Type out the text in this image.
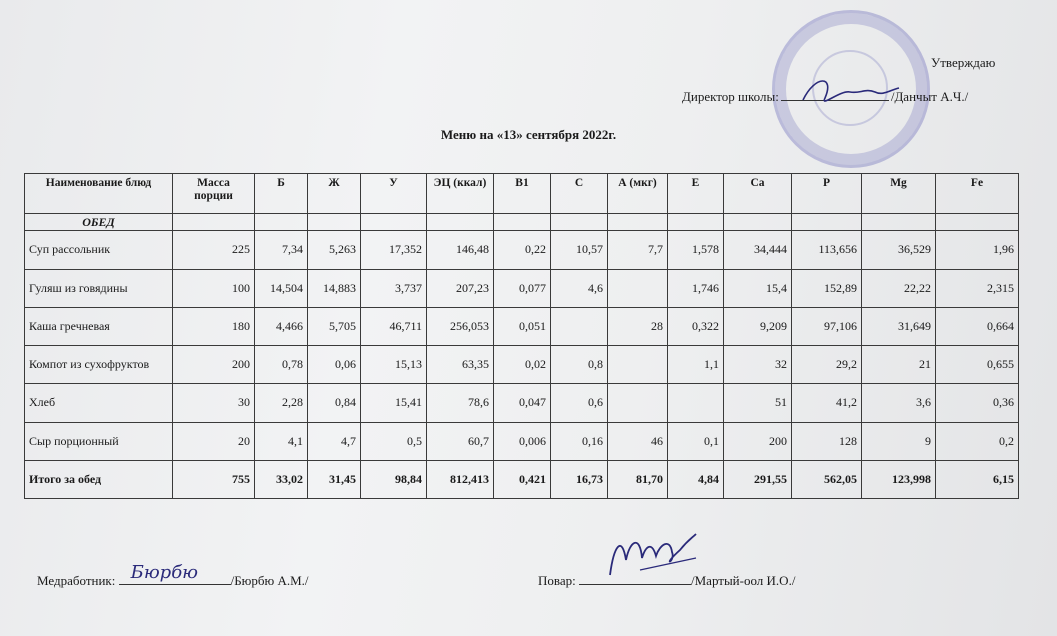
Утверждаю
Директор школы:	/Данчыт А.Ч./
Меню на «13» сентября 2022г.
Наименование блюд	Масса порции	Б	Ж	У	ЭЦ (ккал)	В1	С	А (мкг)	Е	Са	Р	Mg	Fe
ОБЕД													
Суп рассольник	225	7,34	5,263	17,352	146,48	0,22	10,57	7,7	1,578	34,444	113,656	36,529	1,96
Гуляш из говядины	100	14,504	14,883	3,737	207,23	0,077	4,6		1,746	15,4	152,89	22,22	2,315
Каша гречневая	180	4,466	5,705	46,711	256,053	0,051		28	0,322	9,209	97,106	31,649	0,664
Компот из сухофруктов	200	0,78	0,06	15,13	63,35	0,02	0,8		1,1	32	29,2	21	0,655
Хлеб	30	2,28	0,84	15,41	78,6	0,047	0,6			51	41,2	3,6	0,36
Сыр порционный	20	4,1	4,7	0,5	60,7	0,006	0,16	46	0,1	200	128	9	0,2
Итого за обед	755	33,02	31,45	98,84	812,413	0,421	16,73	81,70	4,84	291,55	562,05	123,998	6,15
Медработник: Бюрбю	/Бюрбю А.М./	Повар:	/Мартый-оол И.О./
